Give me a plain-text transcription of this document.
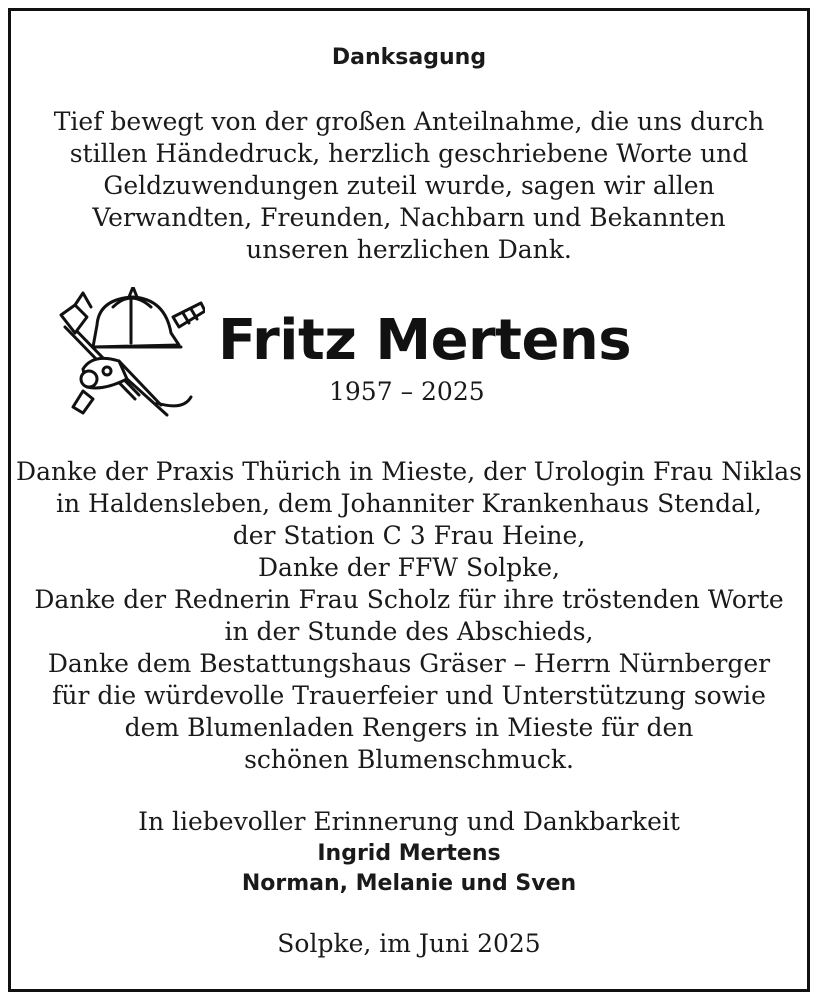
Danksagung
Tief bewegt von der großen Anteilnahme, die uns durch
stillen Händedruck, herzlich geschriebene Worte und
Geldzuwendungen zuteil wurde, sagen wir allen
Verwandten, Freunden, Nachbarn und Bekannten
unseren herzlichen Dank.
Fritz Mertens
1957 – 2025
Danke der Praxis Thürich in Mieste, der Urologin Frau Niklas
in Haldensleben, dem Johanniter Krankenhaus Stendal,
der Station C 3 Frau Heine,
Danke der FFW Solpke,
Danke der Rednerin Frau Scholz für ihre tröstenden Worte
in der Stunde des Abschieds,
Danke dem Bestattungshaus Gräser – Herrn Nürnberger
für die würdevolle Trauerfeier und Unterstützung sowie
dem Blumenladen Rengers in Mieste für den
schönen Blumenschmuck.
In liebevoller Erinnerung und Dankbarkeit
Ingrid Mertens
Norman, Melanie und Sven
Solpke, im Juni 2025
